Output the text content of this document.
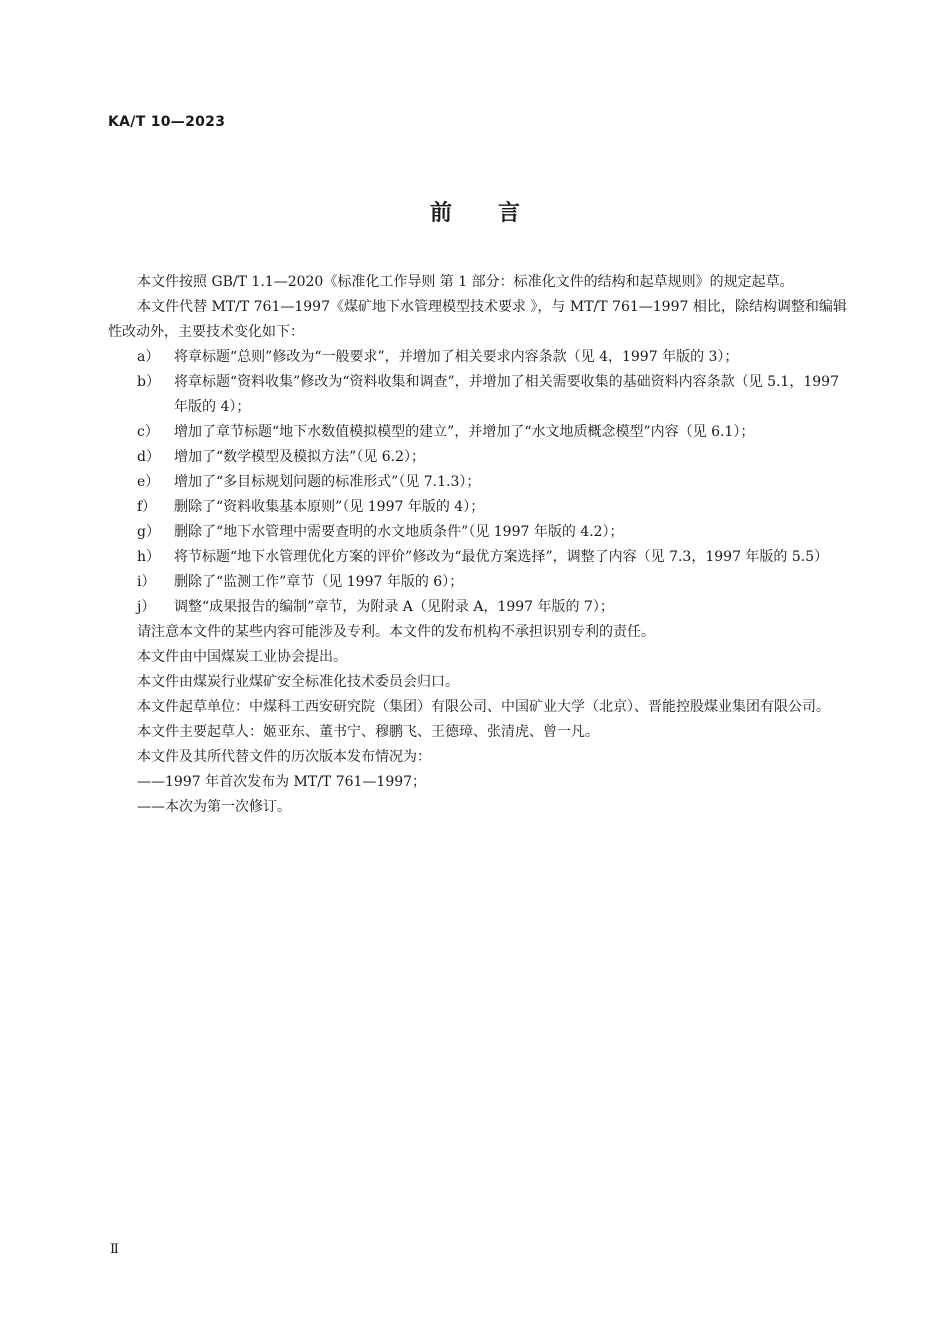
KA/T 10—2023
前言

本文件按照 GB/T 1.1—2020《标准化工作导则 第 1 部分：标准化文件的结构和起草规则》的规定起草。

本文件代替 MT/T 761—1997《煤矿地下水管理模型技术要求 》，与 MT/T 761—1997 相比，除结构调整和编辑性改动外，主要技术变化如下：

a）	将章标题“总则”修改为“一般要求”，并增加了相关要求内容条款（见 4，1997 年版的 3）；

b）	将章标题“资料收集”修改为“资料收集和调查”，并增加了相关需要收集的基础资料内容条款（见 5.1，1997 年版的 4）；

c）	增加了章节标题“地下水数值模拟模型的建立”，并增加了“水文地质概念模型”内容（见 6.1）；

d）	增加了“数学模型及模拟方法”（见 6.2）；

e）	增加了“多目标规划问题的标准形式”（见 7.1.3）；

f）	删除了“资料收集基本原则”（见 1997 年版的 4）；

g）	删除了“地下水管理中需要查明的水文地质条件”（见 1997 年版的 4.2）；

h） 将节标题“地下水管理优化方案的评价”修改为“最优方案选择”，调整了内容（见 7.3，1997 年版的 5.5）

i）	删除了“监测工作”章节（见 1997 年版的 6）；

j）	调整“成果报告的编制”章节，为附录 A（见附录 A，1997 年版的 7）；

请注意本文件的某些内容可能涉及专利。本文件的发布机构不承担识别专利的责任。

本文件由中国煤炭工业协会提出。

本文件由煤炭行业煤矿安全标准化技术委员会归口。

本文件起草单位：中煤科工西安研究院（集团）有限公司、中国矿业大学（北京）、晋能控股煤业集团有限公司。

本文件主要起草人：姬亚东、董书宁、穆鹏飞、王德璋、张清虎、曾一凡。

本文件及其所代替文件的历次版本发布情况为：

——1997 年首次发布为 MT/T 761—1997；

——本次为第一次修订。

Ⅱ
